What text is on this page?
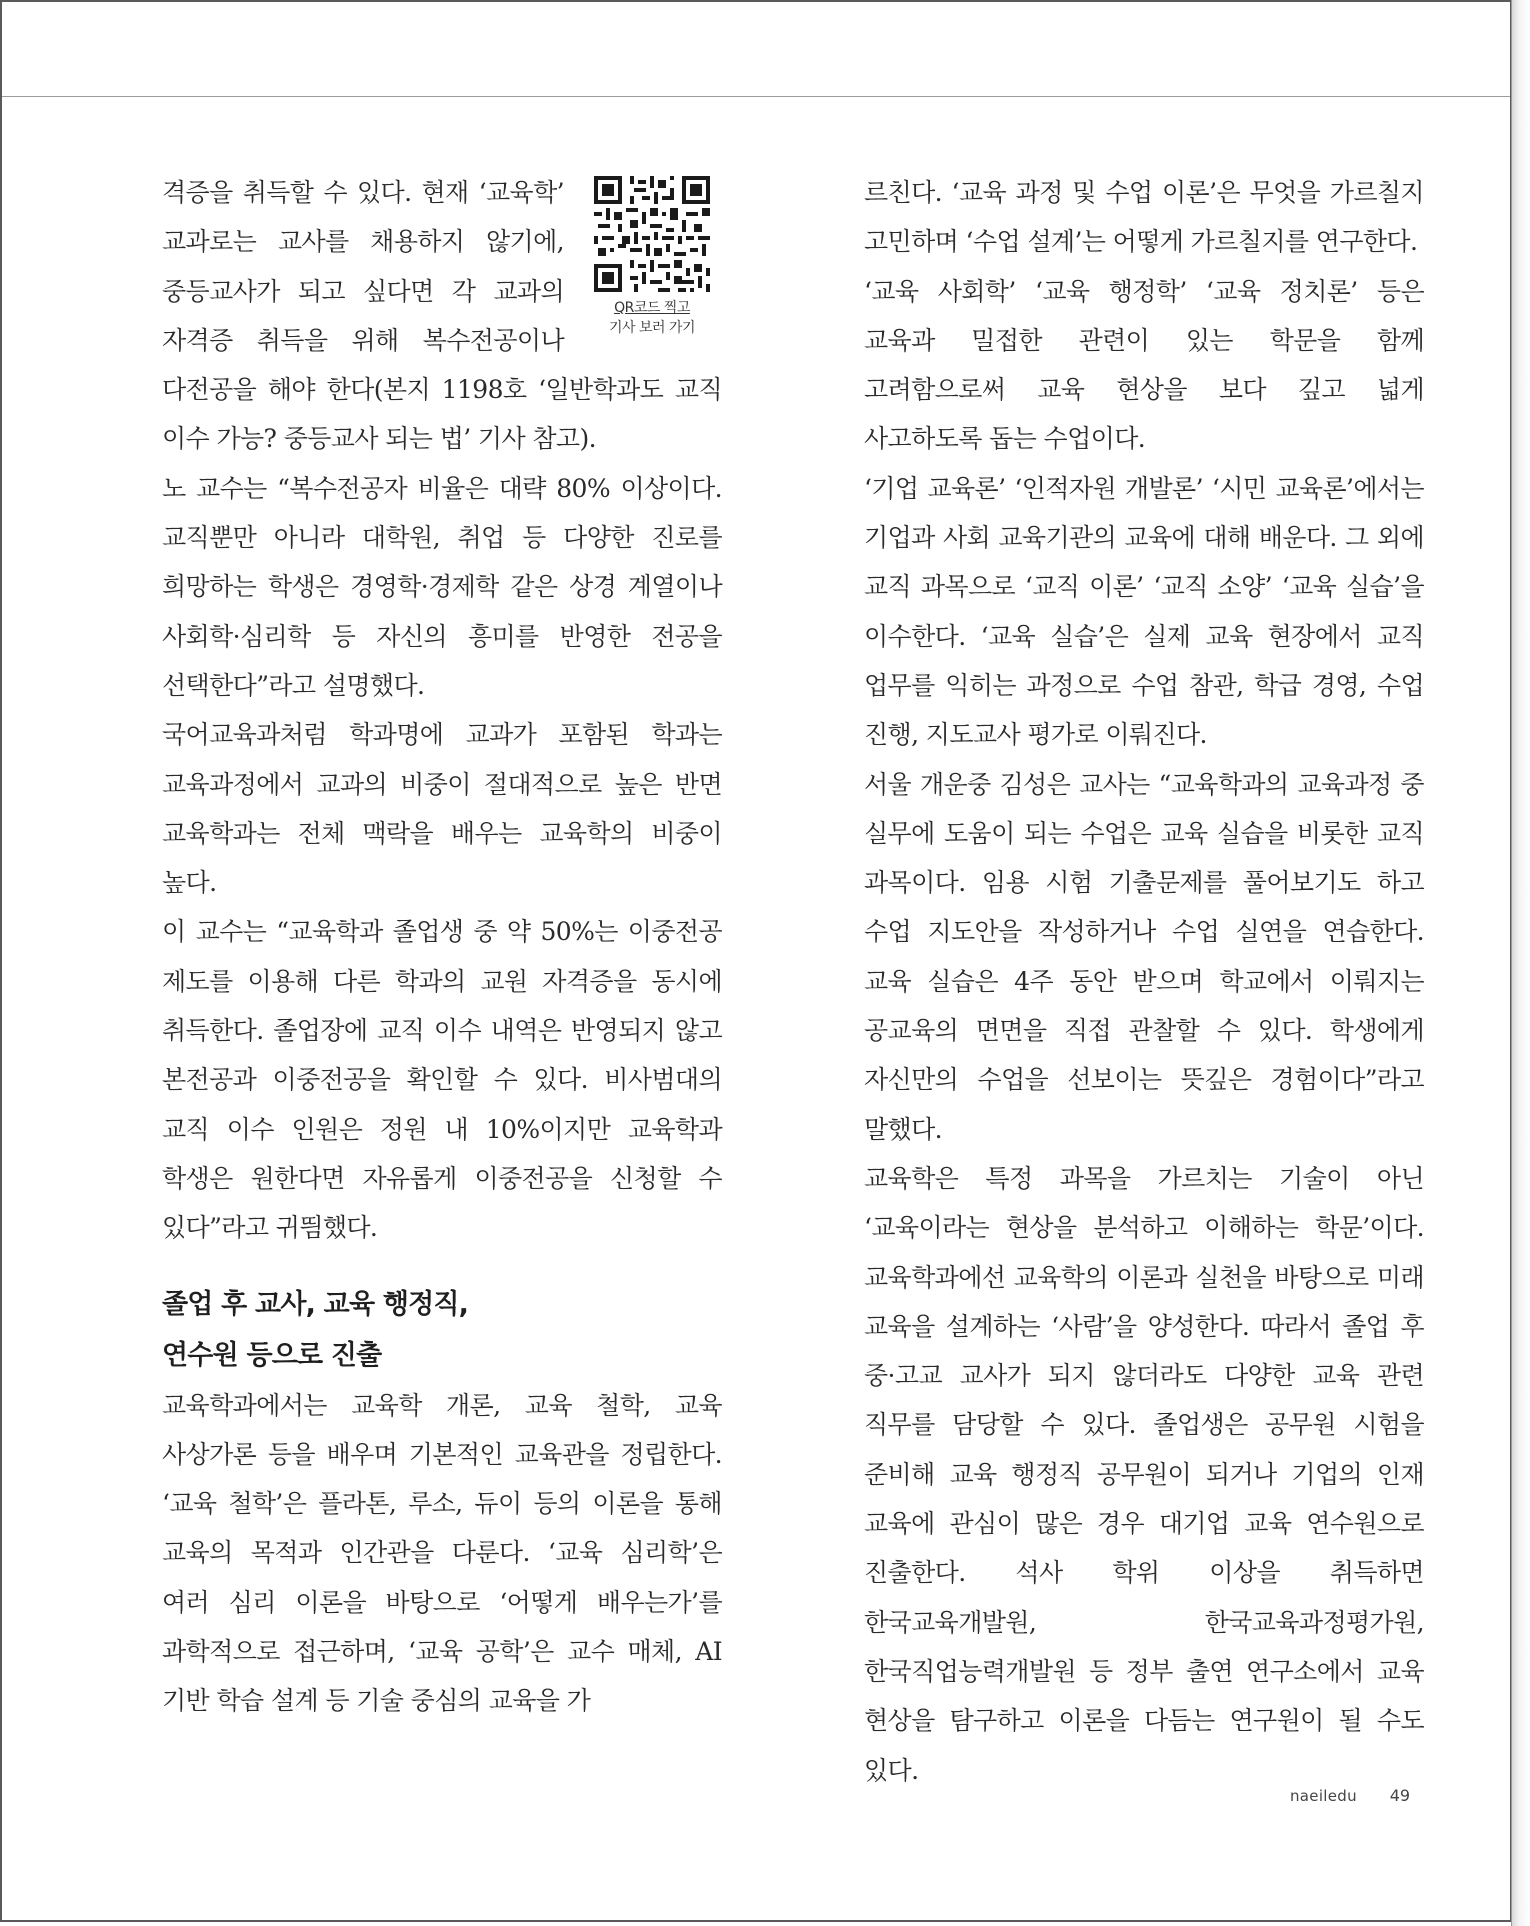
QR코드 찍고
기사 보러 가기

격증을 취득할 수 있다. 현재 ‘교육학’ 교과로는 교사를 채용하지 않기에, 중등교사가 되고 싶다면 각 교과의 자격증 취득을 위해 복수전공이나 다전공을 해야 한다(본지 1198호 ‘일반학과도 교직 이수 가능? 중등교사 되는 법’ 기사 참고).

노 교수는 “복수전공자 비율은 대략 80% 이상이다. 교직뿐만 아니라 대학원, 취업 등 다양한 진로를 희망하는 학생은 경영학·경제학 같은 상경 계열이나 사회학·심리학 등 자신의 흥미를 반영한 전공을 선택한다”라고 설명했다.

국어교육과처럼 학과명에 교과가 포함된 학과는 교육과정에서 교과의 비중이 절대적으로 높은 반면 교육학과는 전체 맥락을 배우는 교육학의 비중이 높다.

이 교수는 “교육학과 졸업생 중 약 50%는 이중전공 제도를 이용해 다른 학과의 교원 자격증을 동시에 취득한다. 졸업장에 교직 이수 내역은 반영되지 않고 본전공과 이중전공을 확인할 수 있다. 비사범대의 교직 이수 인원은 정원 내 10%이지만 교육학과 학생은 원한다면 자유롭게 이중전공을 신청할 수 있다”라고 귀띔했다.

졸업 후 교사, 교육 행정직,
연수원 등으로 진출

교육학과에서는 교육학 개론, 교육 철학, 교육 사상가론 등을 배우며 기본적인 교육관을 정립한다. ‘교육 철학’은 플라톤, 루소, 듀이 등의 이론을 통해 교육의 목적과 인간관을 다룬다. ‘교육 심리학’은 여러 심리 이론을 바탕으로 ‘어떻게 배우는가’를 과학적으로 접근하며, ‘교육 공학’은 교수 매체, AI 기반 학습 설계 등 기술 중심의 교육을 가

르친다. ‘교육 과정 및 수업 이론’은 무엇을 가르칠지 고민하며 ‘수업 설계’는 어떻게 가르칠지를 연구한다.

‘교육 사회학’ ‘교육 행정학’ ‘교육 정치론’ 등은 교육과 밀접한 관련이 있는 학문을 함께 고려함으로써 교육 현상을 보다 깊고 넓게 사고하도록 돕는 수업이다.

‘기업 교육론’ ‘인적자원 개발론’ ‘시민 교육론’에서는 기업과 사회 교육기관의 교육에 대해 배운다. 그 외에 교직 과목으로 ‘교직 이론’ ‘교직 소양’ ‘교육 실습’을 이수한다. ‘교육 실습’은 실제 교육 현장에서 교직 업무를 익히는 과정으로 수업 참관, 학급 경영, 수업 진행, 지도교사 평가로 이뤄진다.

서울 개운중 김성은 교사는 “교육학과의 교육과정 중 실무에 도움이 되는 수업은 교육 실습을 비롯한 교직 과목이다. 임용 시험 기출문제를 풀어보기도 하고 수업 지도안을 작성하거나 수업 실연을 연습한다. 교육 실습은 4주 동안 받으며 학교에서 이뤄지는 공교육의 면면을 직접 관찰할 수 있다. 학생에게 자신만의 수업을 선보이는 뜻깊은 경험이다”라고 말했다.

교육학은 특정 과목을 가르치는 기술이 아닌 ‘교육이라는 현상을 분석하고 이해하는 학문’이다. 교육학과에선 교육학의 이론과 실천을 바탕으로 미래 교육을 설계하는 ‘사람’을 양성한다. 따라서 졸업 후 중·고교 교사가 되지 않더라도 다양한 교육 관련 직무를 담당할 수 있다. 졸업생은 공무원 시험을 준비해 교육 행정직 공무원이 되거나 기업의 인재 교육에 관심이 많은 경우 대기업 교육 연수원으로 진출한다. 석사 학위 이상을 취득하면 한국교육개발원, 한국교육과정평가원, 한국직업능력개발원 등 정부 출연 연구소에서 교육 현상을 탐구하고 이론을 다듬는 연구원이 될 수도 있다.

naeiledu 49
